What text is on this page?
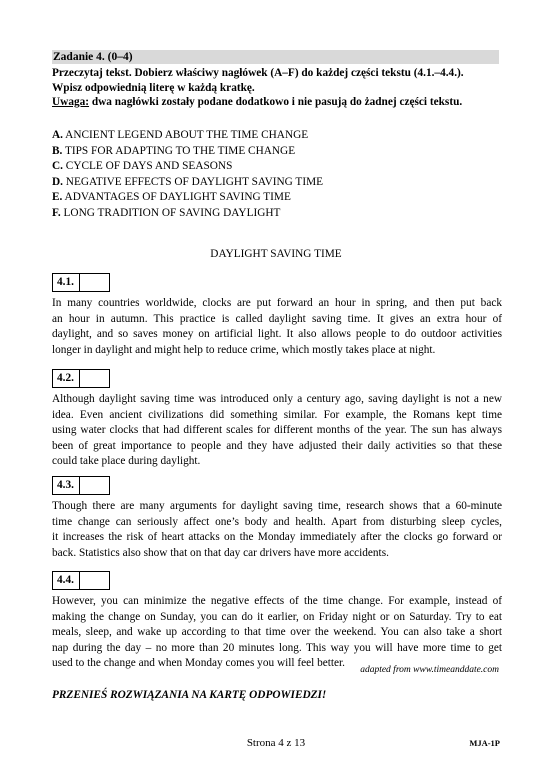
Zadanie 4. (0–4)
Przeczytaj tekst. Dobierz właściwy nagłówek (A–F) do każdej części tekstu (4.1.–4.4.).
Wpisz odpowiednią literę w każdą kratkę.
Uwaga: dwa nagłówki zostały podane dodatkowo i nie pasują do żadnej części tekstu.
A. ANCIENT LEGEND ABOUT THE TIME CHANGE
B. TIPS FOR ADAPTING TO THE TIME CHANGE
C. CYCLE OF DAYS AND SEASONS
D. NEGATIVE EFFECTS OF DAYLIGHT SAVING TIME
E. ADVANTAGES OF DAYLIGHT SAVING TIME
F. LONG TRADITION OF SAVING DAYLIGHT
DAYLIGHT SAVING TIME
4.1.
In many countries worldwide, clocks are put forward an hour in spring, and then put back
an hour in autumn. This practice is called daylight saving time. It gives an extra hour of
daylight, and so saves money on artificial light. It also allows people to do outdoor activities
longer in daylight and might help to reduce crime, which mostly takes place at night.
4.2.
Although daylight saving time was introduced only a century ago, saving daylight is not a new
idea. Even ancient civilizations did something similar. For example, the Romans kept time
using water clocks that had different scales for different months of the year. The sun has always
been of great importance to people and they have adjusted their daily activities so that these
could take place during daylight.
4.3.
Though there are many arguments for daylight saving time, research shows that a 60-minute
time change can seriously affect one’s body and health. Apart from disturbing sleep cycles,
it increases the risk of heart attacks on the Monday immediately after the clocks go forward or
back. Statistics also show that on that day car drivers have more accidents.
4.4.
However, you can minimize the negative effects of the time change. For example, instead of
making the change on Sunday, you can do it earlier, on Friday night or on Saturday. Try to eat
meals, sleep, and wake up according to that time over the weekend. You can also take a short
nap during the day – no more than 20 minutes long. This way you will have more time to get
used to the change and when Monday comes you will feel better.
adapted from www.timeanddate.com
PRZENIEŚ ROZWIĄZANIA NA KARTĘ ODPOWIEDZI!
Strona 4 z 13	MJA-1P
